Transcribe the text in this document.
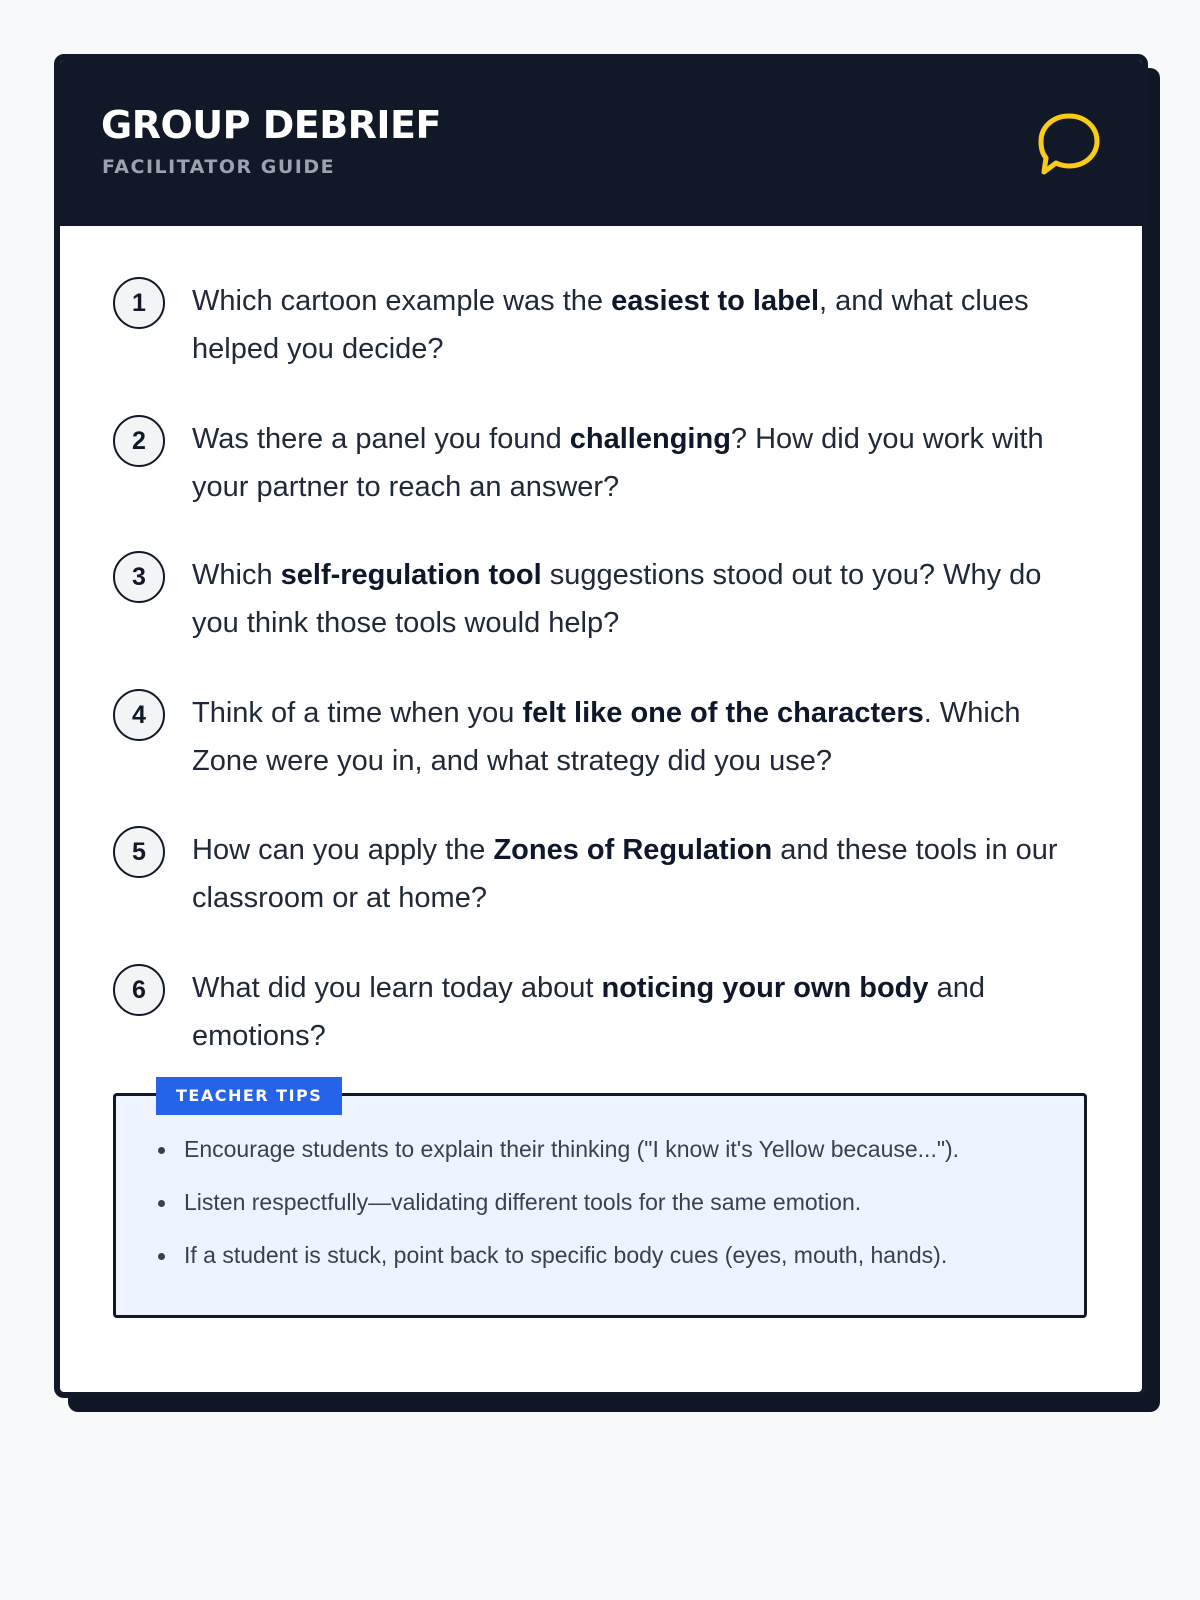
GROUP DEBRIEF
FACILITATOR GUIDE
1	Which cartoon example was the easiest to label, and what clues helped you decide?
2	Was there a panel you found challenging? How did you work with your partner to reach an answer?
3	Which self-regulation tool suggestions stood out to you? Why do you think those tools would help?
4	Think of a time when you felt like one of the characters. Which Zone were you in, and what strategy did you use?
5	How can you apply the Zones of Regulation and these tools in our classroom or at home?
6	What did you learn today about noticing your own body and emotions?
TEACHER TIPS
Encourage students to explain their thinking ("I know it's Yellow because...").
Listen respectfully—validating different tools for the same emotion.
If a student is stuck, point back to specific body cues (eyes, mouth, hands).
